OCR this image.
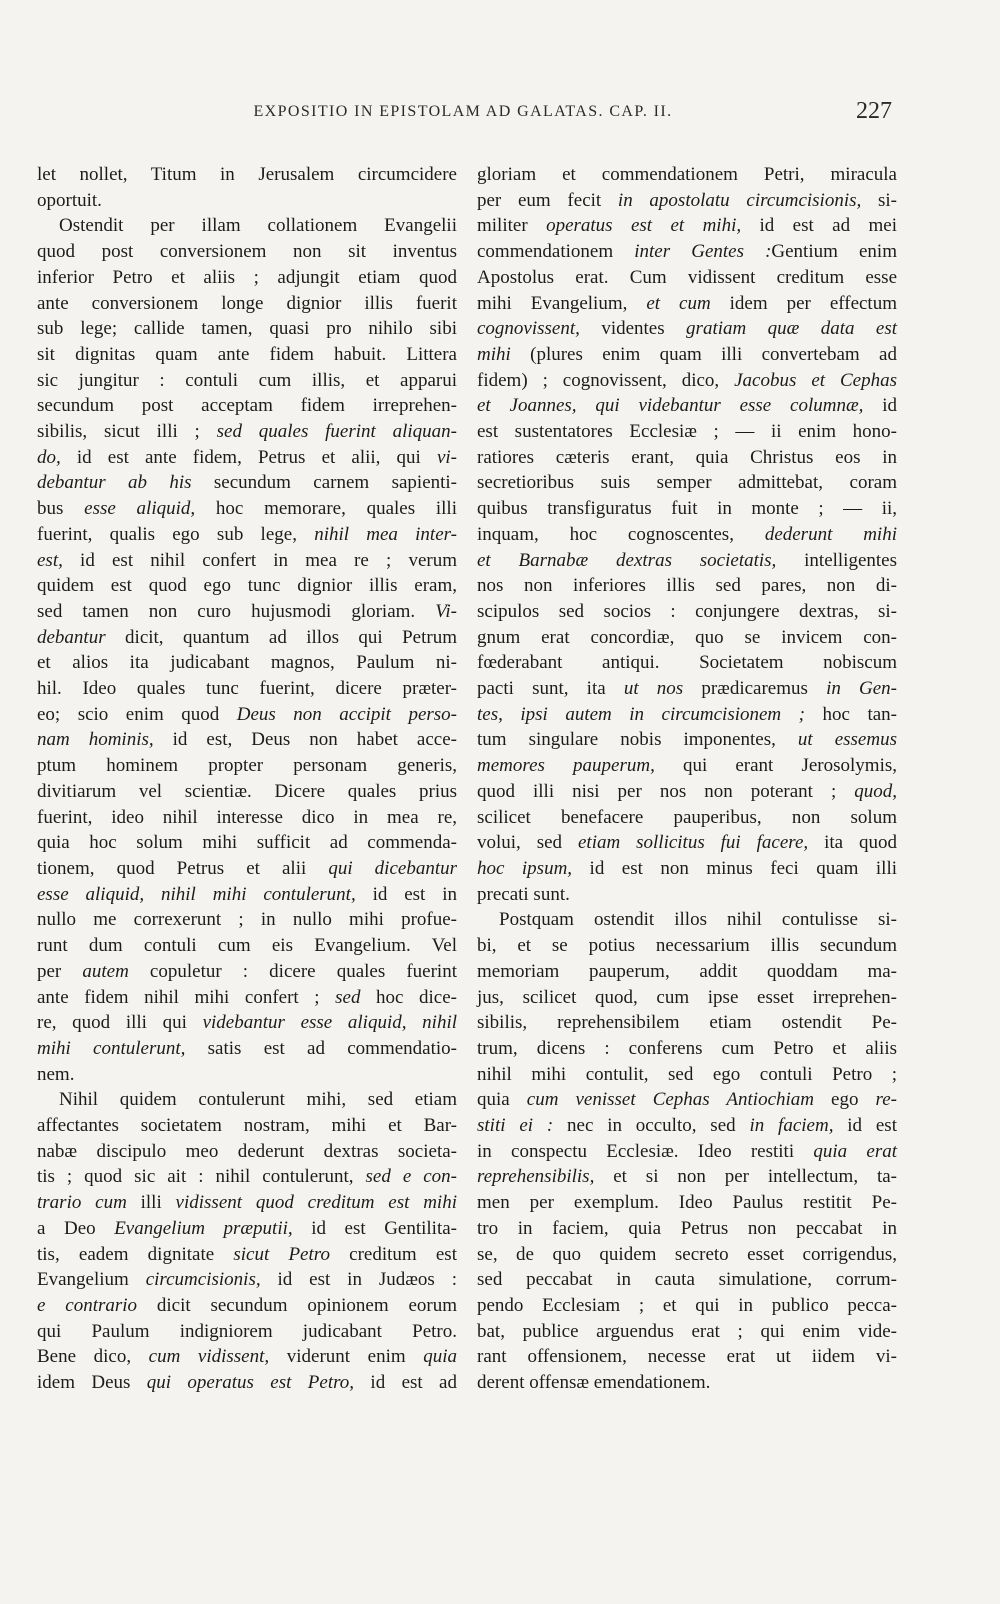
EXPOSITIO IN EPISTOLAM AD GALATAS. CAP. II.	227
let nollet, Titum in Jerusalem circumcidere
oportuit.
Ostendit per illam collationem Evangelii
quod post conversionem non sit inventus
inferior Petro et aliis ; adjungit etiam quod
ante conversionem longe dignior illis fuerit
sub lege; callide tamen, quasi pro nihilo sibi
sit dignitas quam ante fidem habuit. Littera
sic jungitur : contuli cum illis, et apparui
secundum post acceptam fidem irreprehen-
sibilis, sicut illi ; sed quales fuerint aliquan-
do, id est ante fidem, Petrus et alii, qui vi-
debantur ab his secundum carnem sapienti-
bus esse aliquid, hoc memorare, quales illi
fuerint, qualis ego sub lege, nihil mea inter-
est, id est nihil confert in mea re ; verum
quidem est quod ego tunc dignior illis eram,
sed tamen non curo hujusmodi gloriam. Vi-
debantur dicit, quantum ad illos qui Petrum
et alios ita judicabant magnos, Paulum ni-
hil. Ideo quales tunc fuerint, dicere præter-
eo; scio enim quod Deus non accipit perso-
nam hominis, id est, Deus non habet acce-
ptum hominem propter personam generis,
divitiarum vel scientiæ. Dicere quales prius
fuerint, ideo nihil interesse dico in mea re,
quia hoc solum mihi sufficit ad commenda-
tionem, quod Petrus et alii qui dicebantur
esse aliquid, nihil mihi contulerunt, id est in
nullo me correxerunt ; in nullo mihi profue-
runt dum contuli cum eis Evangelium. Vel
per autem copuletur : dicere quales fuerint
ante fidem nihil mihi confert ; sed hoc dice-
re, quod illi qui videbantur esse aliquid, nihil
mihi contulerunt, satis est ad commendatio-
nem.
Nihil quidem contulerunt mihi, sed etiam
affectantes societatem nostram, mihi et Bar-
nabæ discipulo meo dederunt dextras societa-
tis ; quod sic ait : nihil contulerunt, sed e con-
trario cum illi vidissent quod creditum est mihi
a Deo Evangelium præputii, id est Gentilita-
tis, eadem dignitate sicut Petro creditum est
Evangelium circumcisionis, id est in Judæos :
e contrario dicit secundum opinionem eorum
qui Paulum indigniorem judicabant Petro.
Bene dico, cum vidissent, viderunt enim quia
idem Deus qui operatus est Petro, id est ad
gloriam et commendationem Petri, miracula
per eum fecit in apostolatu circumcisionis, si-
militer operatus est et mihi, id est ad mei
commendationem inter Gentes :Gentium enim
Apostolus erat. Cum vidissent creditum esse
mihi Evangelium, et cum idem per effectum
cognovissent, videntes gratiam quæ data est
mihi (plures enim quam illi convertebam ad
fidem) ; cognovissent, dico, Jacobus et Cephas
et Joannes, qui videbantur esse columnæ, id
est sustentatores Ecclesiæ ; — ii enim hono-
ratiores cæteris erant, quia Christus eos in
secretioribus suis semper admittebat, coram
quibus transfiguratus fuit in monte ; — ii,
inquam, hoc cognoscentes, dederunt mihi
et Barnabæ dextras societatis, intelligentes
nos non inferiores illis sed pares, non di-
scipulos sed socios : conjungere dextras, si-
gnum erat concordiæ, quo se invicem con-
fœderabant antiqui. Societatem nobiscum
pacti sunt, ita ut nos prædicaremus in Gen-
tes, ipsi autem in circumcisionem ; hoc tan-
tum singulare nobis imponentes, ut essemus
memores pauperum, qui erant Jerosolymis,
quod illi nisi per nos non poterant ; quod,
scilicet benefacere pauperibus, non solum
volui, sed etiam sollicitus fui facere, ita quod
hoc ipsum, id est non minus feci quam illi
precati sunt.
Postquam ostendit illos nihil contulisse si-
bi, et se potius necessarium illis secundum
memoriam pauperum, addit quoddam ma-
jus, scilicet quod, cum ipse esset irreprehen-
sibilis, reprehensibilem etiam ostendit Pe-
trum, dicens : conferens cum Petro et aliis
nihil mihi contulit, sed ego contuli Petro ;
quia cum venisset Cephas Antiochiam ego re-
stiti ei : nec in occulto, sed in faciem, id est
in conspectu Ecclesiæ. Ideo restiti quia erat
reprehensibilis, et si non per intellectum, ta-
men per exemplum. Ideo Paulus restitit Pe-
tro in faciem, quia Petrus non peccabat in
se, de quo quidem secreto esset corrigendus,
sed peccabat in cauta simulatione, corrum-
pendo Ecclesiam ; et qui in publico pecca-
bat, publice arguendus erat ; qui enim vide-
rant offensionem, necesse erat ut iidem vi-
derent offensæ emendationem.
